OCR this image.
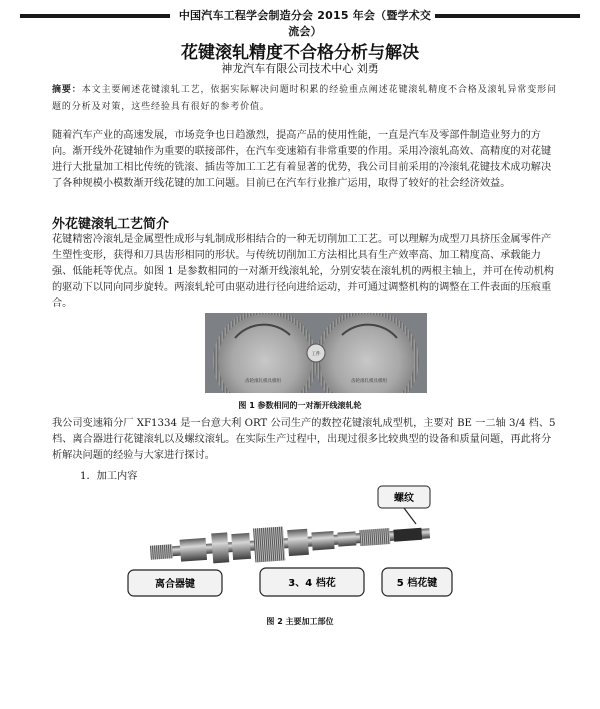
中国汽车工程学会制造分会 2015 年会（暨学术交流会）
花键滚轧精度不合格分析与解决
神龙汽车有限公司技术中心 刘勇
摘要：本文主要阐述花键滚轧工艺，依据实际解决问题时积累的经验重点阐述花键滚轧精度不合格及滚轧异常变形问题的分析及对策，这些经验具有很好的参考价值。
随着汽车产业的高速发展，市场竞争也日趋激烈，提高产品的使用性能，一直是汽车及零部件制造业努力的方向。渐开线外花键轴作为重要的联接部件，在汽车变速箱有非常重要的作用。采用冷滚轧高效、高精度的对花键进行大批量加工相比传统的铣滚、插齿等加工工艺有着显著的优势，我公司目前采用的冷滚轧花键技术成功解决了各种规模小模数渐开线花键的加工问题。目前已在汽车行业推广运用，取得了较好的社会经济效益。
外花键滚轧工艺简介
花键精密冷滚轧是金属塑性成形与轧制成形相结合的一种无切削加工工艺。可以理解为成型刀具挤压金属零件产生塑性变形，获得和刀具齿形相同的形状。与传统切削加工方法相比具有生产效率高、加工精度高、承载能力强、低能耗等优点。如图 1 是参数相同的一对渐开线滚轧轮，分别安装在滚轧机的两根主轴上，并可在传动机构的驱动下以同向同步旋转。两滚轧轮可由驱动进行径向进给运动，并可通过调整机构的调整在工件表面的压痕重合。
工件
齿轮滚轧模具模组	齿轮滚轧模具模组
图 1 参数相同的一对渐开线滚轧轮
我公司变速箱分厂 XF1334 是一台意大利 ORT 公司生产的数控花键滚轧成型机，主要对 BE 一二轴 3/4 档、5 档、离合器进行花键滚轧以及螺纹滚轧。在实际生产过程中，出现过很多比较典型的设备和质量问题，再此将分析解决问题的经验与大家进行探讨。
1．加工内容
螺纹
离合器键	3、4 档花	5 档花键
图 2 主要加工部位
